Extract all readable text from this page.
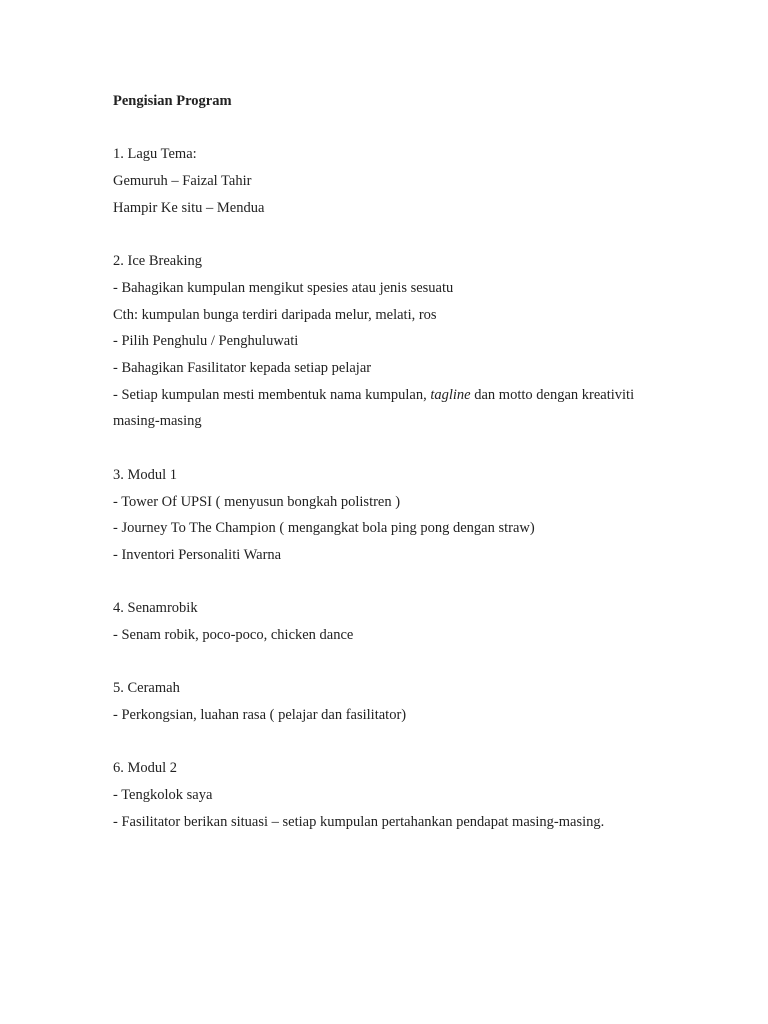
Pengisian Program

1. Lagu Tema:

Gemuruh – Faizal Tahir

Hampir Ke situ – Mendua

2. Ice Breaking

- Bahagikan kumpulan mengikut spesies atau jenis sesuatu

Cth: kumpulan bunga terdiri daripada melur, melati, ros

- Pilih Penghulu / Penghuluwati

- Bahagikan Fasilitator kepada setiap pelajar

- Setiap kumpulan mesti membentuk nama kumpulan, tagline dan motto dengan kreativiti masing-masing

3. Modul 1

- Tower Of UPSI ( menyusun bongkah polistren )

- Journey To The Champion ( mengangkat bola ping pong dengan straw)

- Inventori Personaliti Warna

4. Senamrobik

- Senam robik, poco-poco, chicken dance

5. Ceramah

- Perkongsian, luahan rasa ( pelajar dan fasilitator)

6. Modul 2

- Tengkolok saya

- Fasilitator berikan situasi – setiap kumpulan pertahankan pendapat masing-masing.
